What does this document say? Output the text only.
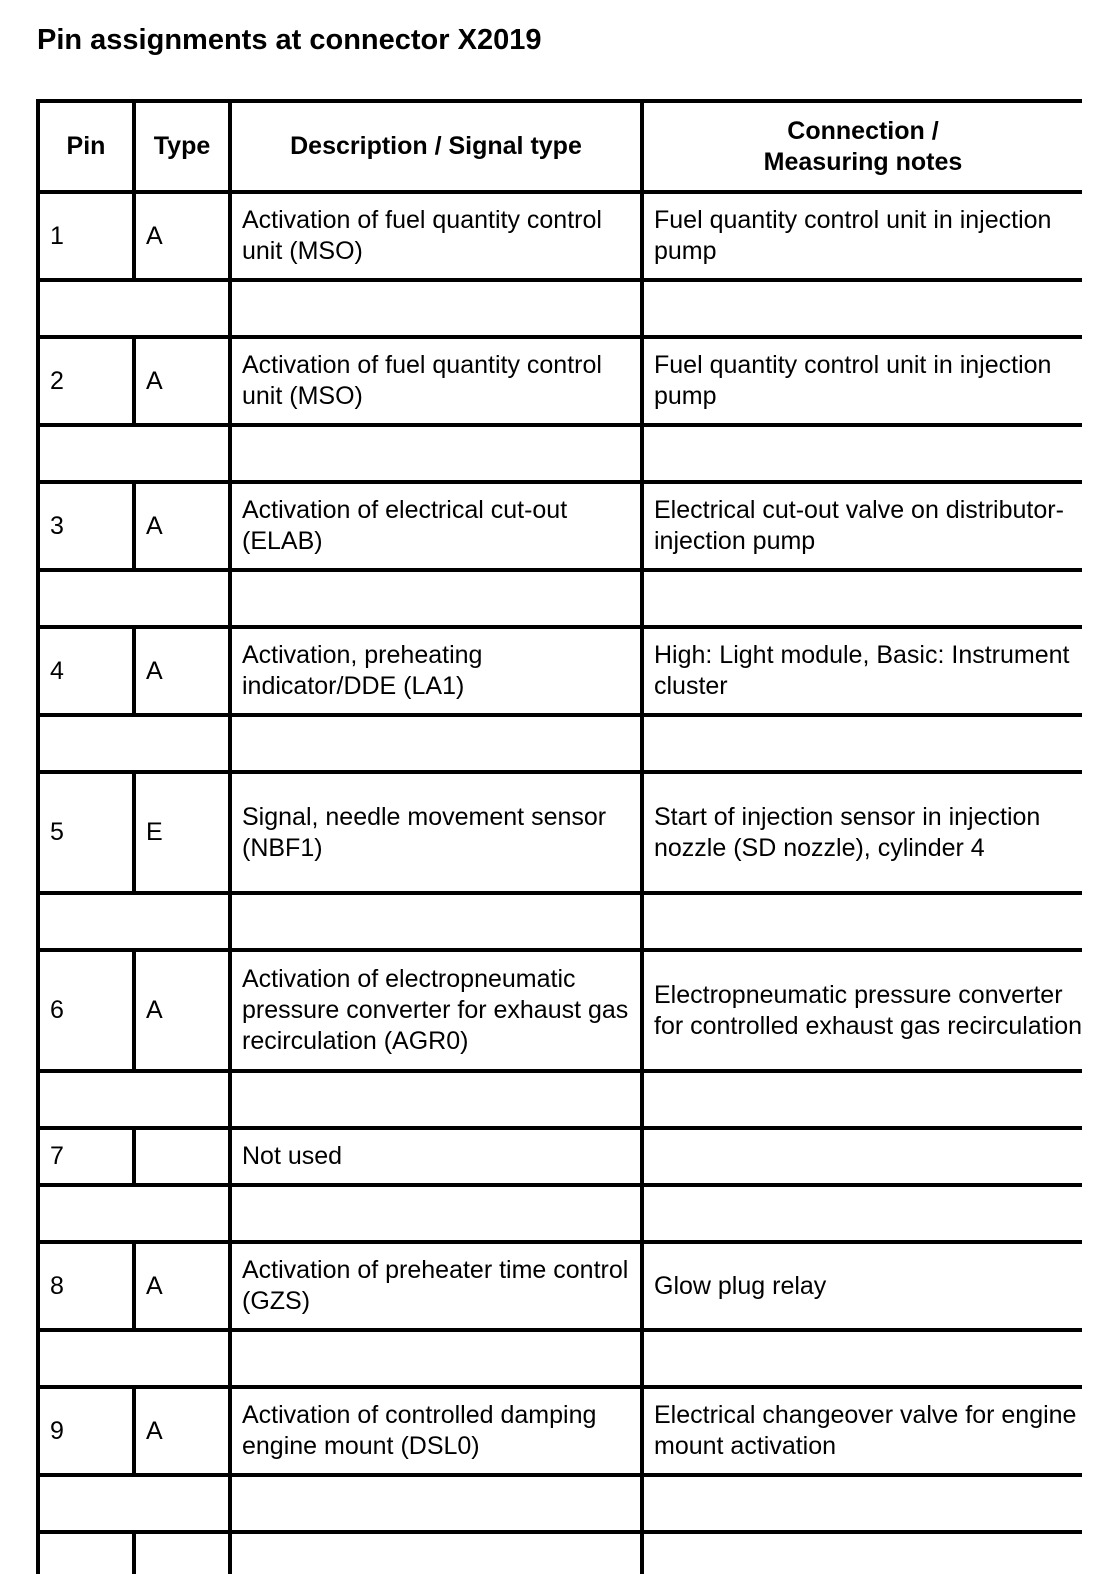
Pin assignments at connector X2019
Pin	Type	Description / Signal type	Connection /
Measuring notes
1	A	Activation of fuel quantity control unit (MSO)	Fuel quantity control unit in injection pump

2	A	Activation of fuel quantity control unit (MSO)	Fuel quantity control unit in injection pump

3	A	Activation of electrical cut-out (ELAB)	Electrical cut-out valve on distributor-injection pump

4	A	Activation, preheating indicator/DDE (LA1)	High: Light module, Basic: Instrument cluster

5	E	Signal, needle movement sensor (NBF1)	Start of injection sensor in injection nozzle (SD nozzle), cylinder 4

6	A	Activation of electropneumatic pressure converter for exhaust gas recirculation (AGR0)	Electropneumatic pressure converter for controlled exhaust gas recirculation

7		Not used	

8	A	Activation of preheater time control (GZS)	Glow plug relay

9	A	Activation of controlled damping engine mount (DSL0)	Electrical changeover valve for engine mount activation
